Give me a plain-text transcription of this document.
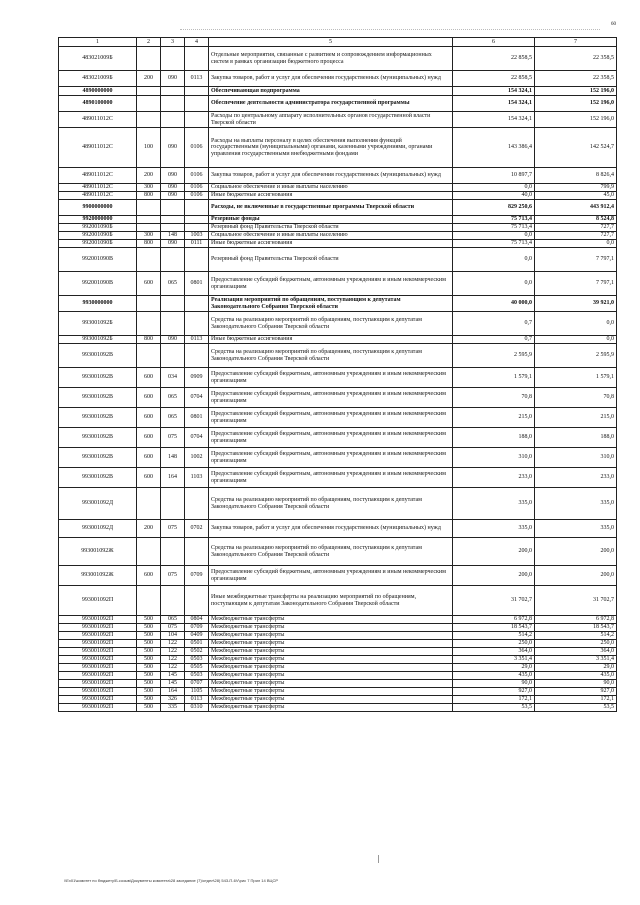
60
1	2	3	4	5	6	7
483021009Б				Отдельные мероприятия, связанные с развитием и сопровождением информационных систем в рамках организации бюджетного процесса	22 858,5	22 358,5
483021009Б	200	090	0113	Закупка товаров, работ и услуг для обеспечения государственных (муниципальных) нужд	22 858,5	22 358,5
4890000000				Обеспечивающая подпрограмма	154 324,1	152 196,0
4890100000				Обеспечение деятельности администратора государственной программы	154 324,1	152 196,0
489011012С				Расходы по центральному аппарату исполнительных органов государственной власти Тверской области	154 324,1	152 196,0
489011012С	100	090	0106	Расходы на выплаты персоналу в целях обеспечения выполнения функций государственными (муниципальными) органами, казенными учреждениями, органами управления государственными внебюджетными фондами	143 386,4	142 524,7
489011012С	200	090	0106	Закупка товаров, работ и услуг для обеспечения государственных (муниципальных) нужд	10 897,7	8 826,4
489011012С	300	090	0106	Социальное обеспечение и иные выплаты населению	0,0	799,9
489011012С	800	090	0106	Иные бюджетные ассигнования	40,0	45,0
9900000000				Расходы, не включенные в государственные программы Тверской области	829 250,6	443 912,4
9920000000				Резервные фонды	75 713,4	8 524,8
992001090Б				Резервный фонд Правительства Тверской области	75 713,4	727,7
992001090Б	300	148	1003	Социальное обеспечение и иные выплаты населению	0,0	727,7
992001090Б	800	090	0111	Иные бюджетные ассигнования	75 713,4	0,0
992001090В				Резервный фонд Правительства Тверской области	0,0	7 797,1
992001090В	600	065	0801	Предоставление субсидий бюджетным, автономным учреждениям и иным некоммерческим организациям	0,0	7 797,1
9930000000				Реализация мероприятий по обращениям, поступающим к депутатам Законодательного Собрания Тверской области	40 000,0	39 921,0
993001092Б				Средства на реализацию мероприятий по обращениям, поступающим к депутатам Законодательного Собрания Тверской области	0,7	0,0
993001092Б	800	090	0113	Иные бюджетные ассигнования	0,7	0,0
993001092В				Средства на реализацию мероприятий по обращениям, поступающим к депутатам Законодательного Собрания Тверской области	2 595,9	2 595,9
993001092В	600	034	0909	Предоставление субсидий бюджетным, автономным учреждениям и иным некоммерческим организациям	1 579,1	1 579,1
993001092В	600	065	0704	Предоставление субсидий бюджетным, автономным учреждениям и иным некоммерческим организациям	70,8	70,8
993001092В	600	065	0801	Предоставление субсидий бюджетным, автономным учреждениям и иным некоммерческим организациям	215,0	215,0
993001092В	600	075	0704	Предоставление субсидий бюджетным, автономным учреждениям и иным некоммерческим организациям	188,0	188,0
993001092В	600	148	1002	Предоставление субсидий бюджетным, автономным учреждениям и иным некоммерческим организациям	310,0	310,0
993001092В	600	164	1103	Предоставление субсидий бюджетным, автономным учреждениям и иным некоммерческим организациям	233,0	233,0
993001092Д				Средства на реализацию мероприятий по обращениям, поступающим к депутатам Законодательного Собрания Тверской области	335,0	335,0
993001092Д	200	075	0702	Закупка товаров, работ и услуг для обеспечения государственных (муниципальных) нужд	335,0	335,0
993001092Ж				Средства на реализацию мероприятий по обращениям, поступающим к депутатам Законодательного Собрания Тверской области	200,0	200,0
993001092Ж	600	075	0709	Предоставление субсидий бюджетным, автономным учреждениям и иным некоммерческим организациям	200,0	200,0
993001092П				Иные межбюджетные трансферты на реализацию мероприятий по обращениям, поступающим к депутатам Законодательного Собрания Тверской области	31 702,7	31 702,7
993001092П	500	065	0804	Межбюджетные трансферты	6 972,8	6 972,8
993001092П	500	075	0709	Межбюджетные трансферты	18 543,7	18 543,7
993001092П	500	104	0409	Межбюджетные трансферты	514,2	514,2
993001092П	500	122	0501	Межбюджетные трансферты	250,0	250,0
993001092П	500	122	0502	Межбюджетные трансферты	364,0	364,0
993001092П	500	122	0503	Межбюджетные трансферты	3 351,4	3 351,4
993001092П	500	122	0505	Межбюджетные трансферты	29,0	29,0
993001092П	500	145	0503	Межбюджетные трансферты	435,0	435,0
993001092П	500	145	0707	Межбюджетные трансферты	90,0	90,0
993001092П	500	164	1105	Межбюджетные трансферты	927,0	927,0
993001092П	500	326	0113	Межбюджетные трансферты	172,1	172,1
993001092П	500	335	0310	Межбюджетные трансферты	53,5	53,5
\\Ex01\комитет по бюджету\Б.созыв\Документы комитета\28 заседание (7)\отдел\28) 543-П-6V\рис 7 Прил 14 ВЦСР
